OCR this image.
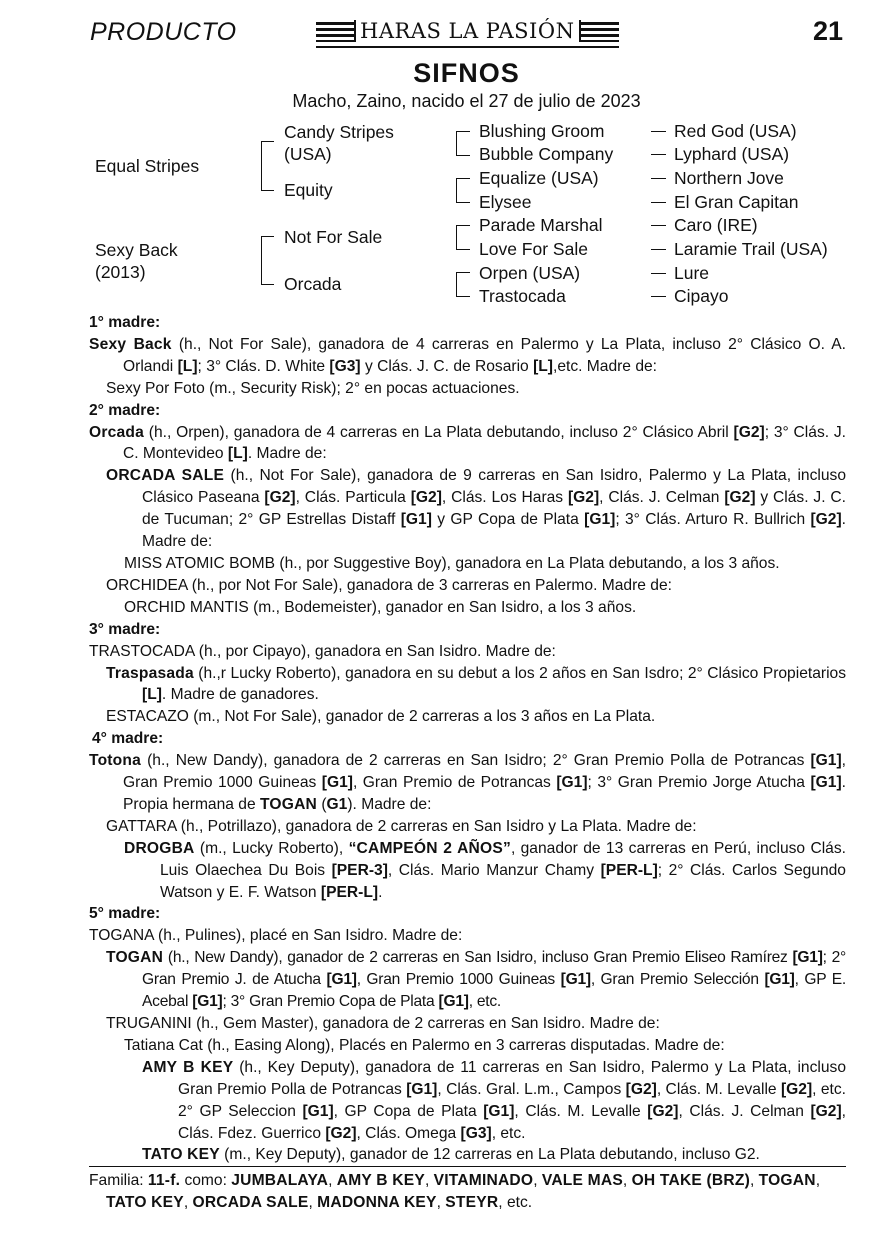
PRODUCTO	HARAS LA PASIÓN	21
SIFNOS
Macho, Zaino, nacido el 27 de julio de 2023
Equal Stripes
Sexy Back
(2013)
Candy Stripes
(USA)
Equity
Not For Sale
Orcada
Blushing Groom
Bubble Company
Equalize (USA)
Elysee
Parade Marshal
Love For Sale
Orpen (USA)
Trastocada
Red God (USA)
Lyphard (USA)
Northern Jove
El Gran Capitan
Caro (IRE)
Laramie Trail (USA)
Lure
Cipayo

1° madre:

Sexy Back (h., Not For Sale), ganadora de 4 carreras en Palermo y La Plata, incluso 2° Clásico O. A. Orlandi [L]; 3° Clás. D. White [G3] y Clás. J. C. de Rosario [L],etc. Madre de:

Sexy Por Foto (m., Security Risk); 2° en pocas actuaciones.

2° madre:

Orcada (h., Orpen), ganadora de 4 carreras en La Plata debutando, incluso 2° Clásico Abril [G2]; 3° Clás. J. C. Montevideo [L]. Madre de:

ORCADA SALE (h., Not For Sale), ganadora de 9 carreras en San Isidro, Palermo y La Plata, incluso Clásico Paseana [G2], Clás. Particula [G2], Clás. Los Haras [G2], Clás. J. Celman [G2] y Clás. J. C. de Tucuman; 2° GP Estrellas Distaff [G1] y GP Copa de Plata [G1]; 3° Clás. Arturo R. Bullrich [G2]. Madre de:

MISS ATOMIC BOMB (h., por Suggestive Boy), ganadora en La Plata debutando, a los 3 años.

ORCHIDEA (h., por Not For Sale), ganadora de 3 carreras en Palermo. Madre de:

ORCHID MANTIS (m., Bodemeister), ganador en San Isidro, a los 3 años.

3° madre:

TRASTOCADA (h., por Cipayo), ganadora en San Isidro. Madre de:

Traspasada (h.,r Lucky Roberto), ganadora en su debut a los 2 años en San Isdro; 2° Clásico Propietarios [L]. Madre de ganadores.

ESTACAZO (m., Not For Sale), ganador de 2 carreras a los 3 años en La Plata.

4° madre:

Totona (h., New Dandy), ganadora de 2 carreras en San Isidro; 2° Gran Premio Polla de Potrancas [G1], Gran Premio 1000 Guineas [G1], Gran Premio de Potrancas [G1]; 3° Gran Premio Jorge Atucha [G1]. Propia hermana de TOGAN (G1). Madre de:

GATTARA (h., Potrillazo), ganadora de 2 carreras en San Isidro y La Plata. Madre de:

DROGBA (m., Lucky Roberto), “CAMPEÓN 2 AÑOS”, ganador de 13 carreras en Perú, incluso Clás. Luis Olaechea Du Bois [PER-3], Clás. Mario Manzur Chamy [PER-L]; 2° Clás. Carlos Segundo Watson y E. F. Watson [PER-L].

5° madre:

TOGANA (h., Pulines), placé en San Isidro. Madre de:

TOGAN (h., New Dandy), ganador de 2 carreras en San Isidro, incluso Gran Premio Eliseo Ramírez [G1]; 2° Gran Premio J. de Atucha [G1], Gran Premio 1000 Guineas [G1], Gran Premio Selección [G1], GP E. Acebal [G1]; 3° Gran Premio Copa de Plata [G1], etc.

TRUGANINI (h., Gem Master), ganadora de 2 carreras en San Isidro. Madre de:

Tatiana Cat (h., Easing Along), Placés en Palermo en 3 carreras disputadas. Madre de:

AMY B KEY (h., Key Deputy), ganadora de 11 carreras en San Isidro, Palermo y La Plata, incluso Gran Premio Polla de Potrancas [G1], Clás. Gral. L.m., Campos [G2], Clás. M. Levalle [G2], etc. 2° GP Seleccion [G1], GP Copa de Plata [G1], Clás. M. Levalle [G2], Clás. J. Celman [G2], Clás. Fdez. Guerrico [G2], Clás. Omega [G3], etc.

TATO KEY (m., Key Deputy), ganador de 12 carreras en La Plata debutando, incluso G2.

Familia: 11-f. como: JUMBALAYA, AMY B KEY, VITAMINADO, VALE MAS, OH TAKE (BRZ), TOGAN, TATO KEY, ORCADA SALE, MADONNA KEY, STEYR, etc.
